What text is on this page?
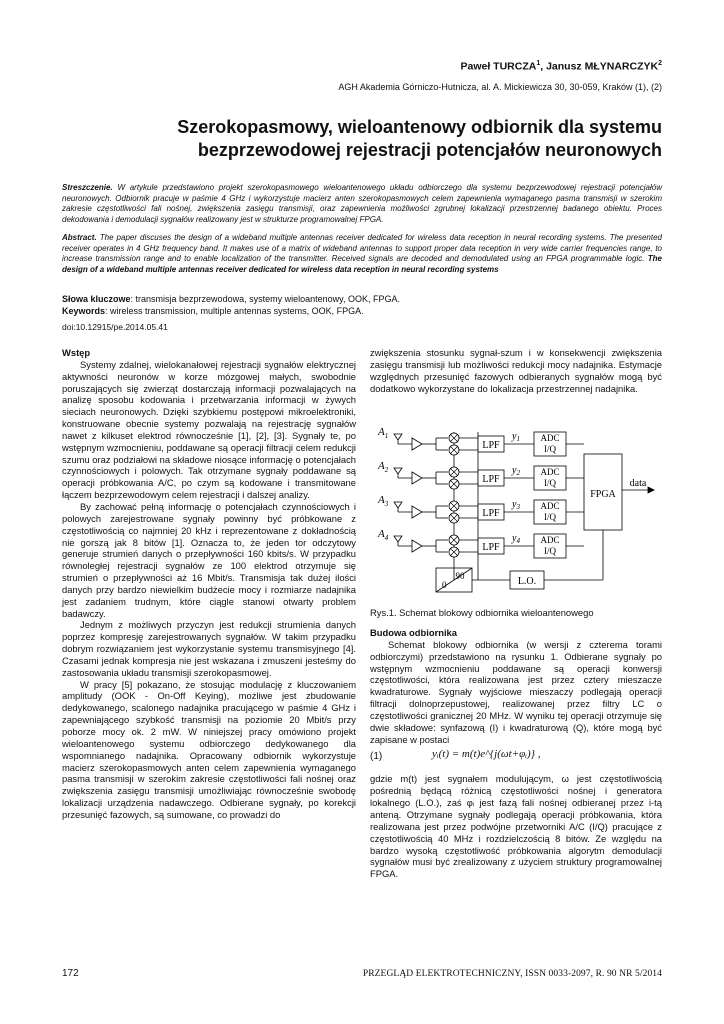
Paweł TURCZA$^1$, Janusz MŁYNARCZYK$^2$
AGH Akademia Górniczo-Hutnicza, al. A. Mickiewicza 30, 30-059, Kraków (1), (2)
Szerokopasmowy, wieloantenowy odbiornik dla systemu
bezprzewodowej rejestracji potencjałów neuronowych
Streszczenie. W artykule przedstawiono projekt szerokopasmowego wieloantenowego układu odbiorczego dla systemu bezprzewodowej rejestracji potencjałów neuronowych. Odbiornik pracuje w paśmie 4 GHz i wykorzystuje macierz anten szerokopasmowych celem zapewnienia wymaganego pasma transmisji w szerokim zakresie częstotliwości fali nośnej, zwiększenia zasięgu transmisji, oraz zapewnienia możliwości zgrubnej lokalizacji przestrzennej badanego obiektu. Proces dekodowania i demodulacji sygnałów realizowany jest w strukturze programowalnej FPGA.
Abstract. The paper discuses the design of a wideband multiple antennas receiver dedicated for wireless data reception in neural recording systems. The presented receiver operates in 4 GHz frequency band. It makes use of a matrix of wideband antennas to support proper data reception in very wide carrier frequencies range, to increase transmission range and to enable localization of the transmitter. Received signals are decoded and demodulated using an FPGA programmable logic. The design of a wideband multiple antennas receiver dedicated for wireless data reception in neural recording systems
Słowa kluczowe: transmisja bezprzewodowa, systemy wieloantenowy, OOK, FPGA.
Keywords: wireless transmission, multiple antennas systems, OOK, FPGA.
doi:10.12915/pe.2014.05.41
Wstęp

Systemy zdalnej, wielokanałowej rejestracji sygnałów elektrycznej aktywności neuronów w korze mózgowej małych, swobodnie poruszających się zwierząt dostarczają informacji pozwalających na analizę sposobu kodowania i przetwarzania informacji w żywych sieciach neuronowych. Dzięki szybkiemu postępowi mikroelektroniki, konstruowane obecnie systemy pozwalają na rejestrację sygnałów nawet z kilkuset elektrod równocześnie [1], [2], [3]. Sygnały te, po wstępnym wzmocnieniu, poddawane są operacji filtracji celem redukcji szumu oraz podziałowi na składowe niosące informację o potencjałach czynnościowych i polowych. Tak otrzymane sygnały poddawane są operacji próbkowania A/C, po czym są kodowane i transmitowane łączem bezprzewodowym celem rejestracji i dalszej analizy.

By zachować pełną informację o potencjałach czynnościowych i polowych zarejestrowane sygnały powinny być próbkowane z częstotliwością co najmniej 20 kHz i reprezentowane z dokładnością nie gorszą jak 8 bitów [1]. Oznacza to, że jeden tor odczytowy generuje strumień danych o przepływności 160 kbits/s. W przypadku równoległej rejestracji sygnałów ze 100 elektrod otrzymuje się strumień o przepływności aż 16 Mbit/s. Transmisja tak dużej ilości danych przy bardzo niewielkim budżecie mocy i rozmiarze nadajnika jest zadaniem trudnym, które ciągle stanowi otwarty problem badawczy.

Jednym z możliwych przyczyn jest redukcji strumienia danych poprzez kompresję zarejestrowanych sygnałów. W takim przypadku dobrym rozwiązaniem jest wykorzystanie systemu transmisyjnego [4]. Czasami jednak kompresja nie jest wskazana i zmuszeni jesteśmy do zastosowania układu transmisji szerokopasmowej.

W pracy [5] pokazano, że stosując modulację z kluczowaniem amplitudy (OOK - On-Off Keying), możliwe jest zbudowanie dedykowanego, scalonego nadajnika pracującego w paśmie 4 GHz i zapewniającego szybkość transmisji na poziomie 20 Mbit/s przy poborze mocy ok. 2 mW. W niniejszej pracy omówiono projekt wieloantenowego systemu odbiorczego dedykowanego dla wspomnianego nadajnika. Opracowany odbiornik wykorzystuje macierz szerokopasmowych anten celem zapewnienia wymaganego pasma transmisji w szerokim zakresie częstotliwości fali nośnej oraz zwiększenia zasięgu transmisji umożliwiając równocześnie swobodę lokalizacji urządzenia nadawczego. Odbierane sygnały, po korekcji przesunięć fazowych, są sumowane, co prowadzi do

zwiększenia stosunku sygnał-szum i w konsekwencji zwiększenia zasięgu transmisji lub możliwości redukcji mocy nadajnika. Estymacje względnych przesunięć fazowych odbieranych sygnałów mogą być dodatkowo wykorzystane do lokalizacja przestrzennej nadajnika.

$A_1$
LPF
$y_1$ ADC
I/Q
$A_2$
LPF
$y_2$ ADC
I/Q
$A_3$
LPF
$y_3$ ADC
I/Q
$A_4$
LPF
$y_4$ ADC
I/Q
FPGA
data
L.O.
90
0
Rys.1. Schemat blokowy odbiornika wieloantenowego
Budowa odbiornika

Schemat blokowy odbiornika (w wersji z czterema torami odbiorczymi) przedstawiono na rysunku 1. Odbierane sygnały po wstępnym wzmocnieniu poddawane są operacji konwersji częstotliwości, która realizowana jest przez cztery mieszacze kwadraturowe. Sygnały wyjściowe mieszaczy podlegają operacji filtracji dolnoprzepustowej, realizowanej przez filtry LC o częstotliwości granicznej 20 MHz. W wyniku tej operacji otrzymuje się dwie składowe: synfazową (I) i kwadraturową (Q), które mogą być zapisane w postaci

(1)	yᵢ(t) = m(t)e^{j(ωt+φᵢ)} ,

gdzie m(t) jest sygnałem modulującym, ω jest częstotliwością pośrednią będącą różnicą częstotliwości nośnej i generatora lokalnego (L.O.), zaś φᵢ jest fazą fali nośnej odbieranej przez i-tą anteną. Otrzymane sygnały podlegają operacji próbkowania, która realizowana jest przez podwójne przetworniki A/C (I/Q) pracujące z częstotliwością 40 MHz i rozdzielczością 8 bitów. Ze względu na bardzo wysoką częstotliwość próbkowania algorytm demodulacji sygnałów musi być zrealizowany z użyciem struktury programowalnej FPGA.

172	PRZEGLĄD ELEKTROTECHNICZNY, ISSN 0033-2097, R. 90 NR 5/2014
